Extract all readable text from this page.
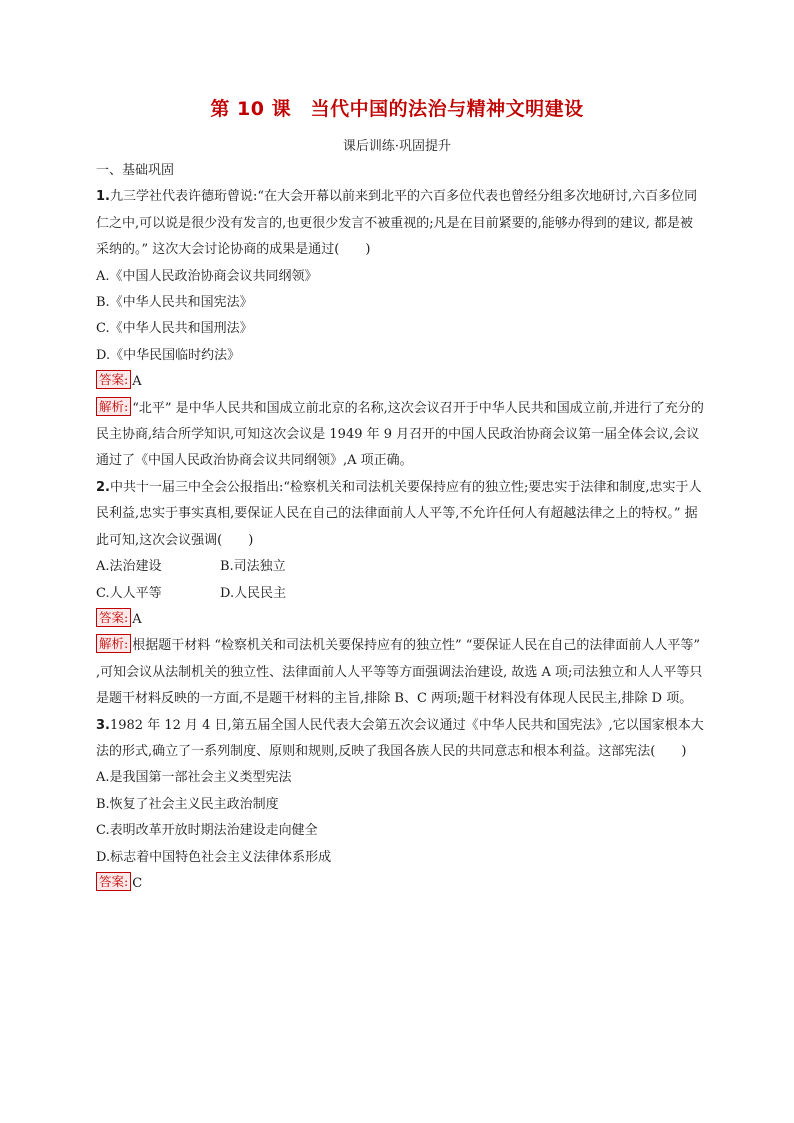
第 10 课　当代中国的法治与精神文明建设
课后训练·巩固提升

一、基础巩固

1.九三学社代表许德珩曾说:“在大会开幕以前来到北平的六百多位代表也曾经分组多次地研讨,六百多位同仁之中,可以说是很少没有发言的,也更很少发言不被重视的;凡是在目前紧要的,能够办得到的建议, 都是被采纳的。” 这次大会讨论协商的成果是通过(　　)

A.《中国人民政治协商会议共同纲领》

B.《中华人民共和国宪法》

C.《中华人民共和国刑法》

D.《中华民国临时约法》

答案: A

解析: “北平” 是中华人民共和国成立前北京的名称,这次会议召开于中华人民共和国成立前,并进行了充分的民主协商,结合所学知识,可知这次会议是 1949 年 9 月召开的中国人民政治协商会议第一届全体会议,会议通过了《中国人民政治协商会议共同纲领》,A 项正确。

2.中共十一届三中全会公报指出:“检察机关和司法机关要保持应有的独立性;要忠实于法律和制度,忠实于人民利益,忠实于事实真相,要保证人民在自己的法律面前人人平等,不允许任何人有超越法律之上的特权。” 据此可知,这次会议强调(　　)

A.法治建设	B.司法独立

C.人人平等	D.人民民主

答案: A

解析: 根据题干材料 “检察机关和司法机关要保持应有的独立性” “要保证人民在自己的法律面前人人平等” ,可知会议从法制机关的独立性、法律面前人人平等等方面强调法治建设, 故选 A 项;司法独立和人人平等只是题干材料反映的一方面,不是题干材料的主旨,排除 B、C 两项;题干材料没有体现人民民主,排除 D 项。

3.1982 年 12 月 4 日,第五届全国人民代表大会第五次会议通过《中华人民共和国宪法》,它以国家根本大法的形式,确立了一系列制度、原则和规则,反映了我国各族人民的共同意志和根本利益。这部宪法(　　)

A.是我国第一部社会主义类型宪法

B.恢复了社会主义民主政治制度

C.表明改革开放时期法治建设走向健全

D.标志着中国特色社会主义法律体系形成

答案: C
